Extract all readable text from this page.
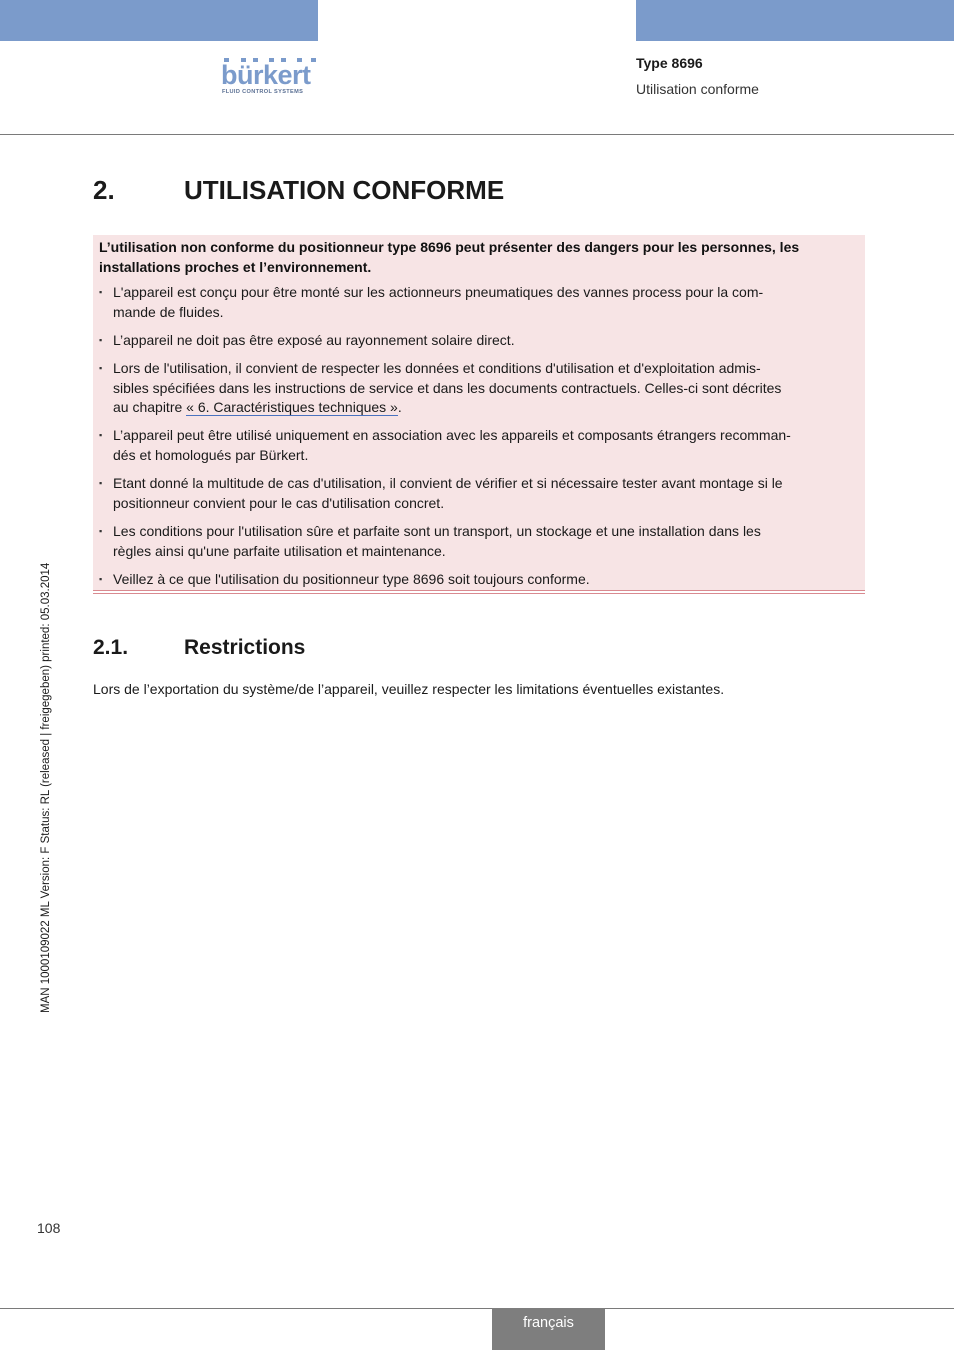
bürkert
FLUID CONTROL SYSTEMS
Type 8696
Utilisation conforme
2.	UTILISATION CONFORME
L’utilisation non conforme du positionneur type 8696 peut présenter des dangers pour les personnes, les installations proches et l’environnement.
▪ L'appareil est conçu pour être monté sur les actionneurs pneumatiques des vannes process pour la com-
mande de fluides.
▪ L’appareil ne doit pas être exposé au rayonnement solaire direct.
▪ Lors de l'utilisation, il convient de respecter les données et conditions d'utilisation et d'exploitation admis-
sibles spécifiées dans les instructions de service et dans les documents contractuels. Celles-ci sont décrites
au chapitre « 6. Caractéristiques techniques ».
▪ L’appareil peut être utilisé uniquement en association avec les appareils et composants étrangers recomman-
dés et homologués par Bürkert.
▪ Etant donné la multitude de cas d'utilisation, il convient de vérifier et si nécessaire tester avant montage si le
positionneur convient pour le cas d'utilisation concret.
▪ Les conditions pour l'utilisation sûre et parfaite sont un transport, un stockage et une installation dans les
règles ainsi qu'une parfaite utilisation et maintenance.
▪ Veillez à ce que l'utilisation du positionneur type 8696 soit toujours conforme.
2.1.	Restrictions
Lors de l’exportation du système/de l’appareil, veuillez respecter les limitations éventuelles existantes.
MAN 1000109022 ML Version: F Status: RL (released | freigegeben) printed: 05.03.2014
108
français
